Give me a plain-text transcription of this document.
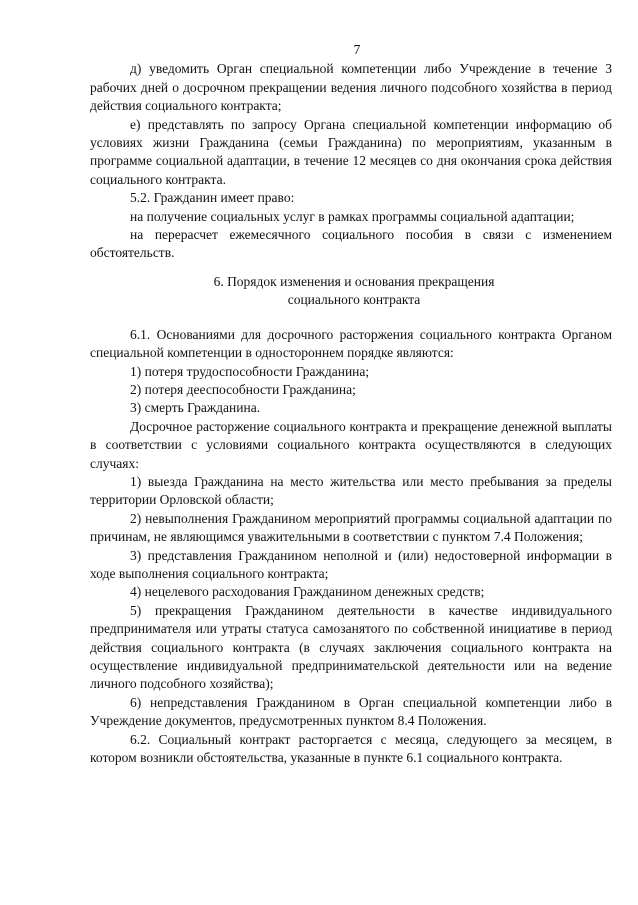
7

д) уведомить Орган специальной компетенции либо Учреждение в течение 3 рабочих дней о досрочном прекращении ведения личного подсобного хозяйства в период действия социального контракта;

е) представлять по запросу Органа специальной компетенции информацию об условиях жизни Гражданина (семьи Гражданина) по мероприятиям, указанным в программе социальной адаптации, в течение 12 месяцев со дня окончания срока действия социального контракта.

5.2. Гражданин имеет право:

на получение социальных услуг в рамках программы социальной адаптации;

на перерасчет ежемесячного социального пособия в связи с изменением обстоятельств.

6. Порядок изменения и основания прекращения
социального контракта

6.1. Основаниями для досрочного расторжения социального контракта Органом специальной компетенции в одностороннем порядке являются:

1) потеря трудоспособности Гражданина;

2) потеря дееспособности Гражданина;

3) смерть Гражданина.

Досрочное расторжение социального контракта и прекращение денежной выплаты в соответствии с условиями социального контракта осуществляются в следующих случаях:

1) выезда Гражданина на место жительства или место пребывания за пределы территории Орловской области;

2) невыполнения Гражданином мероприятий программы социальной адаптации по причинам, не являющимся уважительными в соответствии с пунктом 7.4 Положения;

3) представления Гражданином неполной и (или) недостоверной информации в ходе выполнения социального контракта;

4) нецелевого расходования Гражданином денежных средств;

5) прекращения Гражданином деятельности в качестве индивидуального предпринимателя или утраты статуса самозанятого по собственной инициативе в период действия социального контракта (в случаях заключения социального контракта на осуществление индивидуальной предпринимательской деятельности или на ведение личного подсобного хозяйства);

6) непредставления Гражданином в Орган специальной компетенции либо в Учреждение документов, предусмотренных пунктом 8.4 Положения.

6.2. Социальный контракт расторгается с месяца, следующего за месяцем, в котором возникли обстоятельства, указанные в пункте 6.1 социального контракта.
